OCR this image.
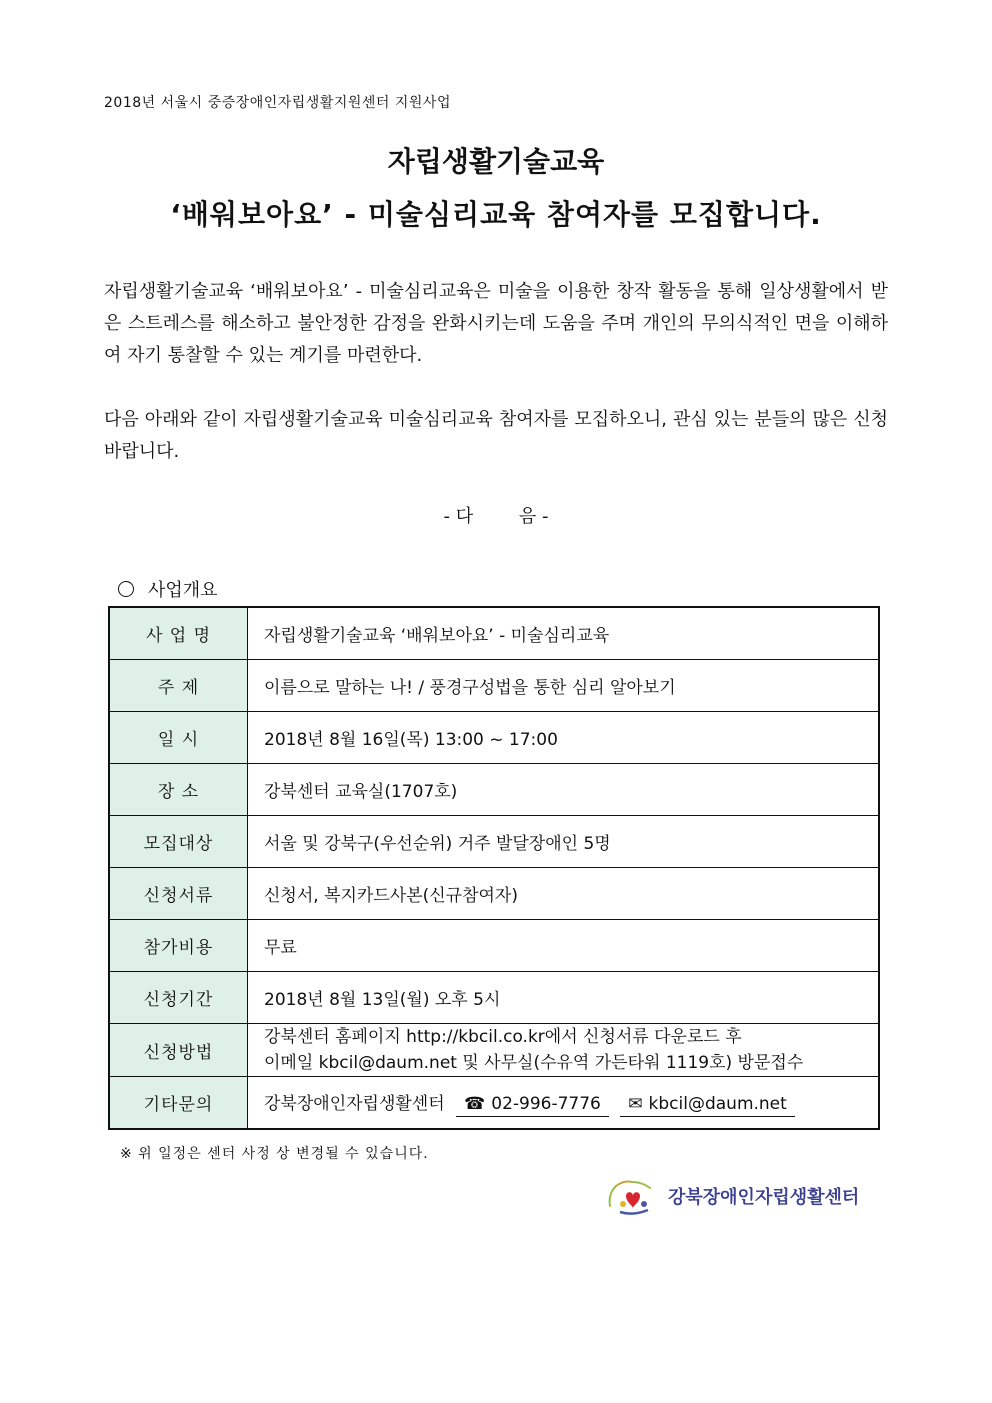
2018년 서울시 중증장애인자립생활지원센터 지원사업
자립생활기술교육
‘배워보아요’ - 미술심리교육 참여자를 모집합니다.
자립생활기술교육 ‘배워보아요’ - 미술심리교육은 미술을 이용한 창작 활동을 통해 일상생활에서 받은 스트레스를 해소하고 불안정한 감정을 완화시키는데 도움을 주며 개인의 무의식적인 면을 이해하여 자기 통찰할 수 있는 계기를 마련한다.
다음 아래와 같이 자립생활기술교육 미술심리교육 참여자를 모집하오니, 관심 있는 분들의 많은 신청바랍니다.
- 다        음 -
사업개요
사 업 명	자립생활기술교육 ‘배워보아요’ - 미술심리교육
주 제	이름으로 말하는 나! / 풍경구성법을 통한 심리 알아보기
일 시	2018년 8월 16일(목) 13:00 ~ 17:00
장 소	강북센터 교육실(1707호)
모집대상	서울 및 강북구(우선순위) 거주 발달장애인 5명
신청서류	신청서, 복지카드사본(신규참여자)
참가비용	무료
신청기간	2018년 8월 13일(월) 오후 5시
신청방법	강북센터 홈페이지 http://kbcil.co.kr에서 신청서류 다운로드 후
이메일 kbcil@daum.net 및 사무실(수유역 가든타워 1119호) 방문접수

기타문의	강북장애인자립생활센터 ☎ 02-996-7776 ✉ kbcil@daum.net
※ 위 일정은 센터 사정 상 변경될 수 있습니다.
강북장애인자립생활센터
